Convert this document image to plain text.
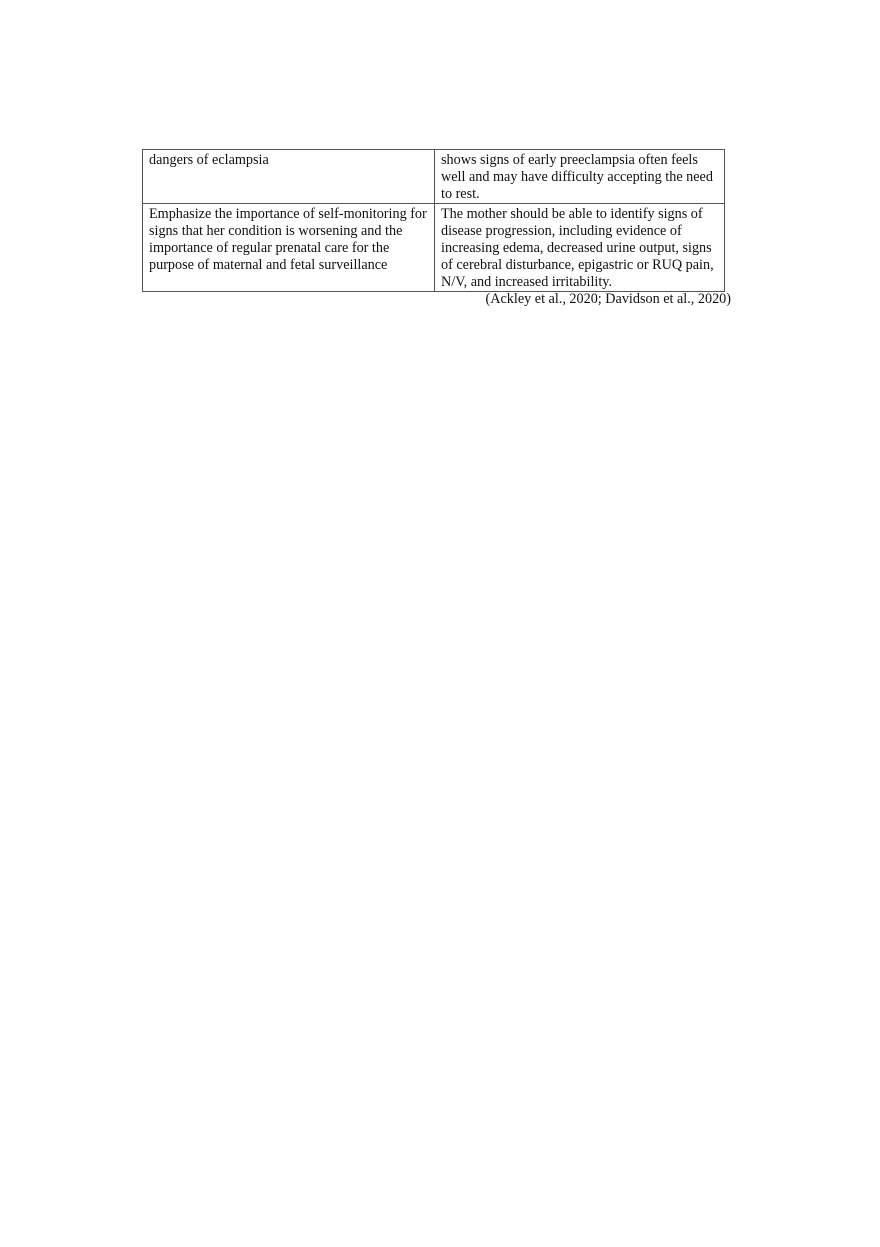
dangers of eclampsia	shows signs of early preeclampsia often feels well and may have difficulty accepting the need to rest.
Emphasize the importance of self-monitoring for signs that her condition is worsening and the importance of regular prenatal care for the purpose of maternal and fetal surveillance	The mother should be able to identify signs of disease progression, including evidence of increasing edema, decreased urine output, signs of cerebral disturbance, epigastric or RUQ pain, N/V, and increased irritability.
(Ackley et al., 2020; Davidson et al., 2020)
